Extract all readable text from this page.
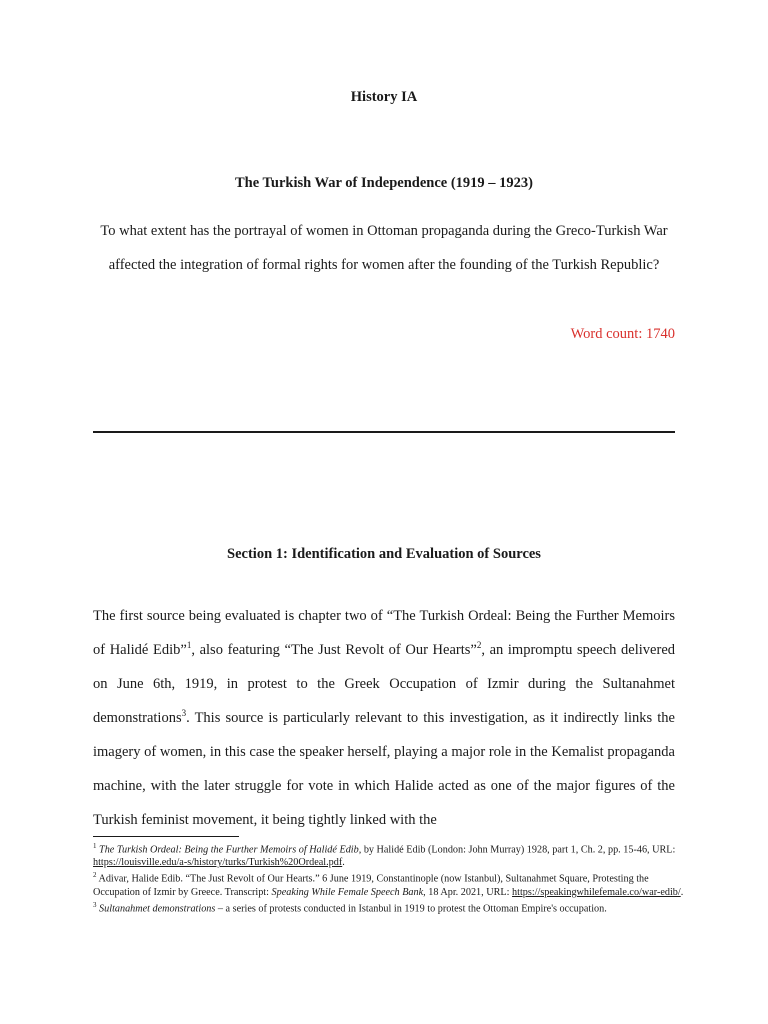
History IA
The Turkish War of Independence (1919 – 1923)
To what extent has the portrayal of women in Ottoman propaganda during the Greco-Turkish War affected the integration of formal rights for women after the founding of the Turkish Republic?
Word count: 1740
Section 1: Identification and Evaluation of Sources

The first source being evaluated is chapter two of “The Turkish Ordeal: Being the Further Memoirs of Halidé Edib”$^1$, also featuring “The Just Revolt of Our Hearts”$^2$, an impromptu speech delivered on June 6th, 1919, in protest to the Greek Occupation of Izmir during the Sultanahmet demonstrations$^3$. This source is particularly relevant to this investigation, as it indirectly links the imagery of women, in this case the speaker herself, playing a major role in the Kemalist propaganda machine, with the later struggle for vote in which Halide acted as one of the major figures of the Turkish feminist movement, it being tightly linked with the

$^1$ The Turkish Ordeal: Being the Further Memoirs of Halidé Edib, by Halidé Edib (London: John Murray) 1928, part 1, Ch. 2, pp. 15-46, URL: https://louisville.edu/a-s/history/turks/Turkish%20Ordeal.pdf.

$^2$ Adivar, Halide Edib. “The Just Revolt of Our Hearts.” 6 June 1919, Constantinople (now Istanbul), Sultanahmet Square, Protesting the Occupation of Izmir by Greece. Transcript: Speaking While Female Speech Bank, 18 Apr. 2021, URL: https://speakingwhilefemale.co/war-edib/.

$^3$ Sultanahmet demonstrations – a series of protests conducted in Istanbul in 1919 to protest the Ottoman Empire's occupation.
